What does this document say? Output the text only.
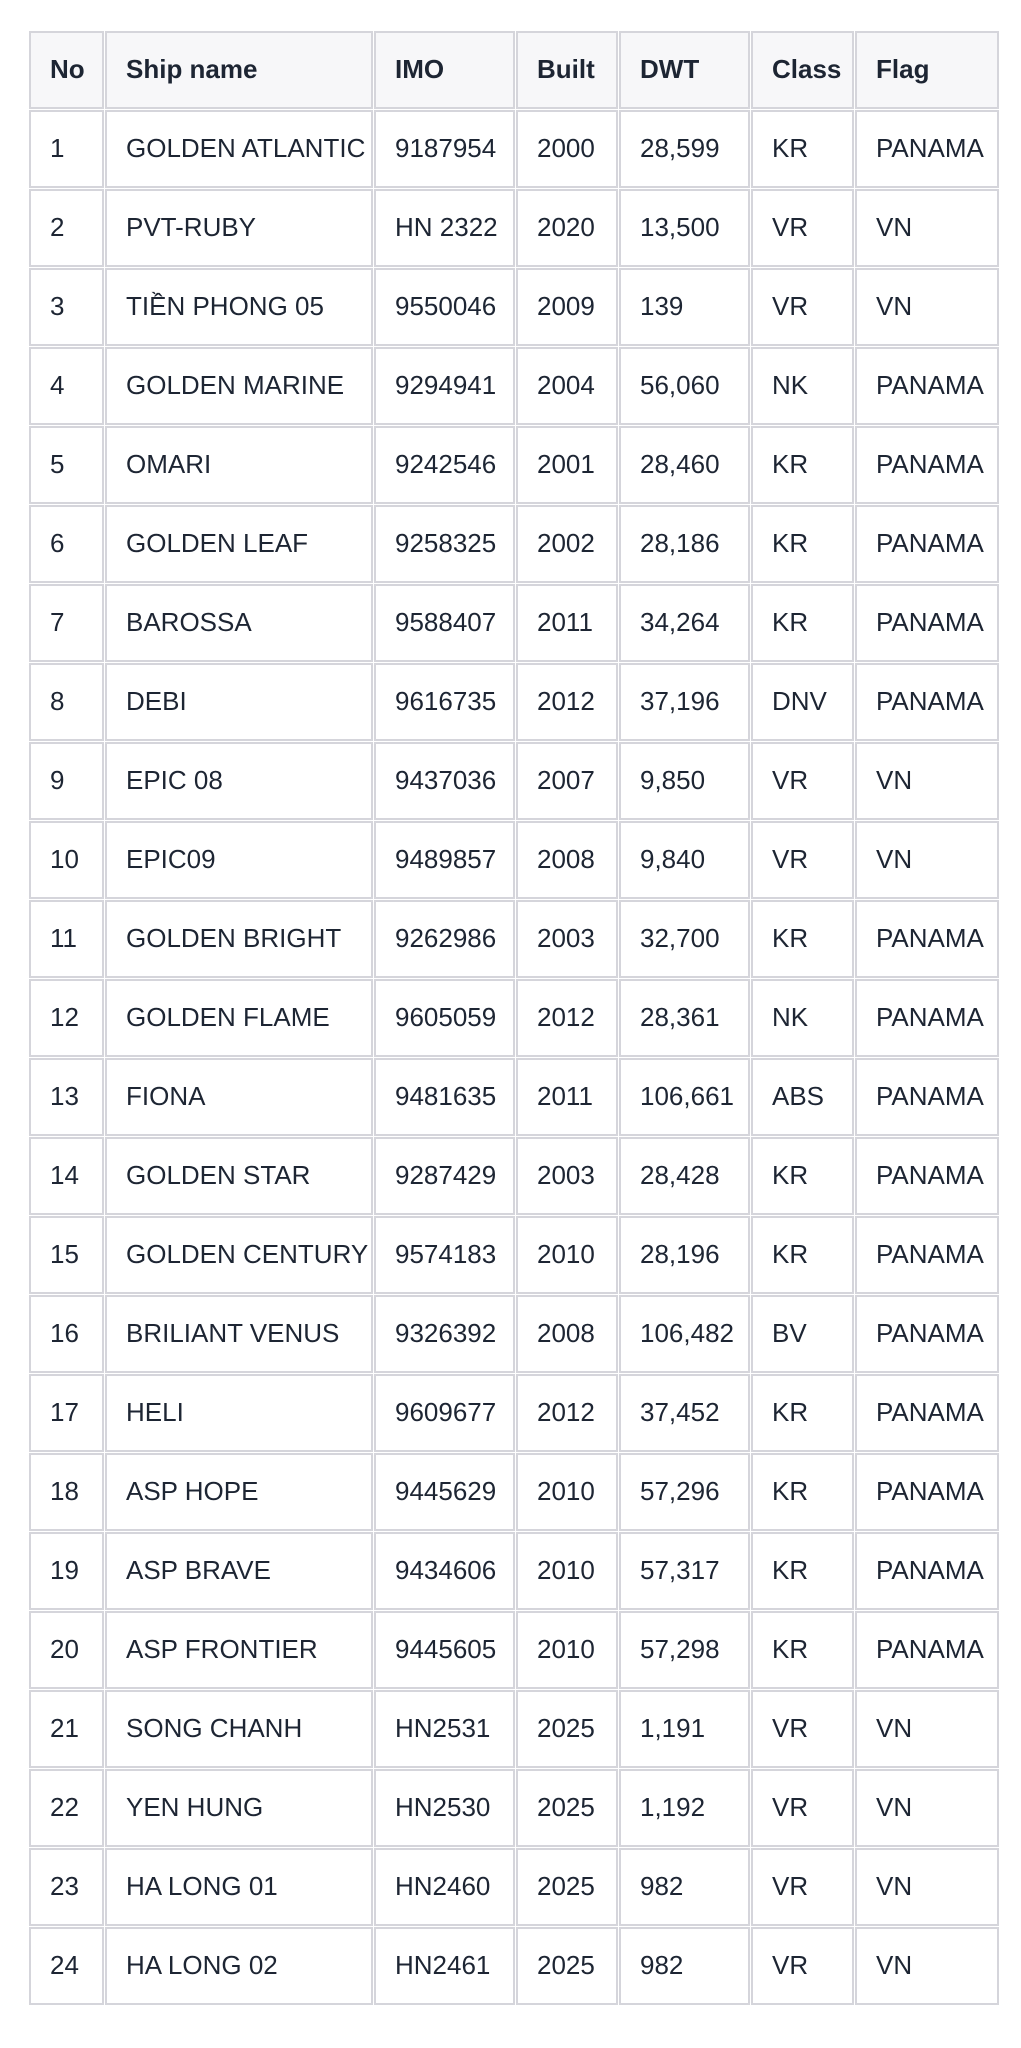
No	Ship name	IMO	Built	DWT	Class	Flag
1	GOLDEN ATLANTIC	9187954	2000	28,599	KR	PANAMA
2	PVT-RUBY	HN 2322	2020	13,500	VR	VN
3	TIỀN PHONG 05	9550046	2009	139	VR	VN
4	GOLDEN MARINE	9294941	2004	56,060	NK	PANAMA
5	OMARI	9242546	2001	28,460	KR	PANAMA
6	GOLDEN LEAF	9258325	2002	28,186	KR	PANAMA
7	BAROSSA	9588407	2011	34,264	KR	PANAMA
8	DEBI	9616735	2012	37,196	DNV	PANAMA
9	EPIC 08	9437036	2007	9,850	VR	VN
10	EPIC09	9489857	2008	9,840	VR	VN
11	GOLDEN BRIGHT	9262986	2003	32,700	KR	PANAMA
12	GOLDEN FLAME	9605059	2012	28,361	NK	PANAMA
13	FIONA	9481635	2011	106,661	ABS	PANAMA
14	GOLDEN STAR	9287429	2003	28,428	KR	PANAMA
15	GOLDEN CENTURY	9574183	2010	28,196	KR	PANAMA
16	BRILIANT VENUS	9326392	2008	106,482	BV	PANAMA
17	HELI	9609677	2012	37,452	KR	PANAMA
18	ASP HOPE	9445629	2010	57,296	KR	PANAMA
19	ASP BRAVE	9434606	2010	57,317	KR	PANAMA
20	ASP FRONTIER	9445605	2010	57,298	KR	PANAMA
21	SONG CHANH	HN2531	2025	1,191	VR	VN
22	YEN HUNG	HN2530	2025	1,192	VR	VN
23	HA LONG 01	HN2460	2025	982	VR	VN
24	HA LONG 02	HN2461	2025	982	VR	VN
